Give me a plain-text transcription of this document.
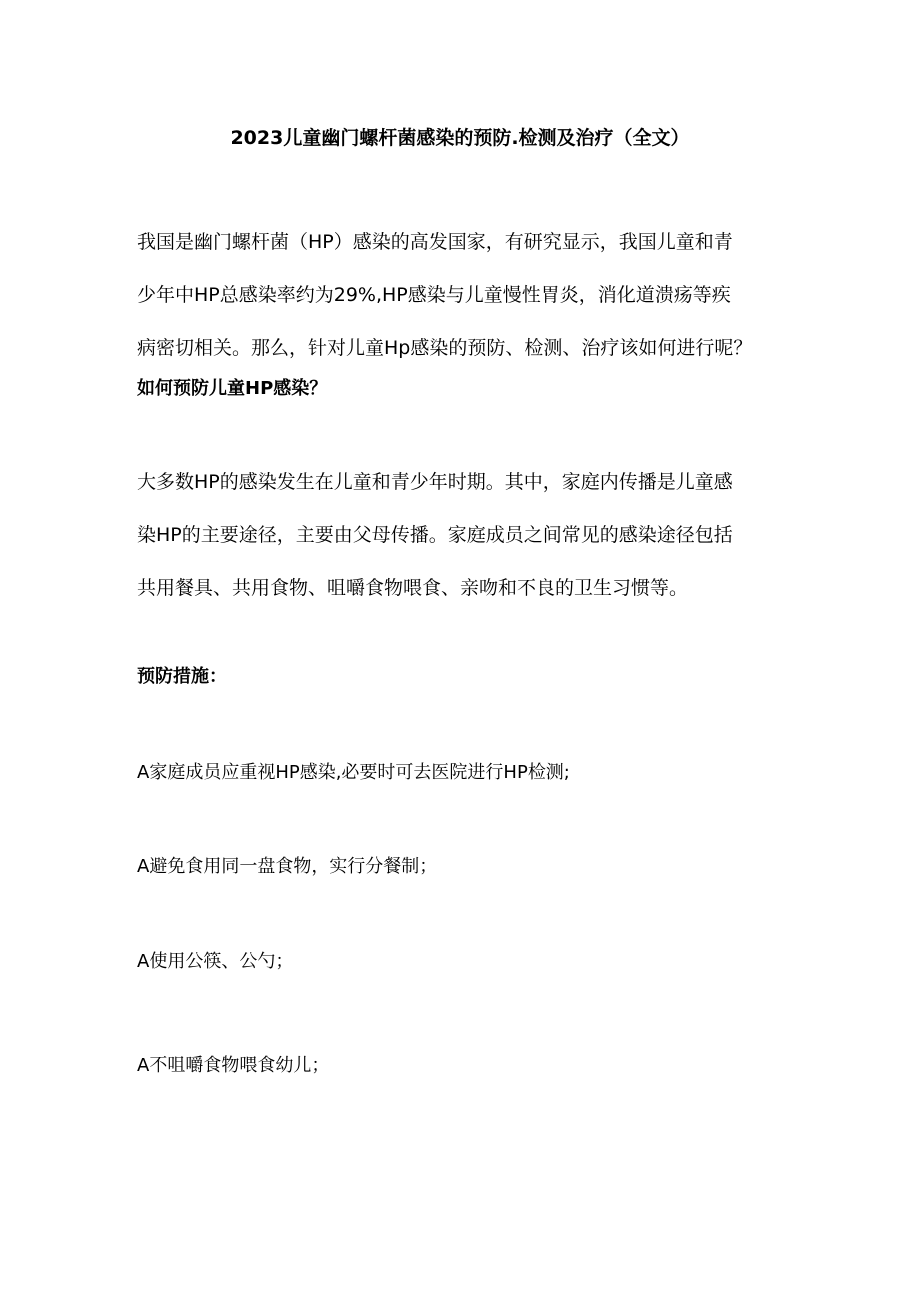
2023儿童幽门螺杆菌感染的预防.检测及治疗（全文）
我国是幽门螺杆菌（HP）感染的高发国家，有研究显示，我国儿童和青
少年中HP总感染率约为29%,HP感染与儿童慢性胃炎，消化道溃疡等疾
病密切相关。那么，针对儿童Hp感染的预防、检测、治疗该如何进行呢？
如何预防儿童HP感染？
大多数HP的感染发生在儿童和青少年时期。其中，家庭内传播是儿童感
染HP的主要途径，主要由父母传播。家庭成员之间常见的感染途径包括
共用餐具、共用食物、咀嚼食物喂食、亲吻和不良的卫生习惯等。
预防措施：
A家庭成员应重视HP感染,必要时可去医院进行HP检测;
A避免食用同一盘食物，实行分餐制；
A使用公筷、公勺；
A不咀嚼食物喂食幼儿；
